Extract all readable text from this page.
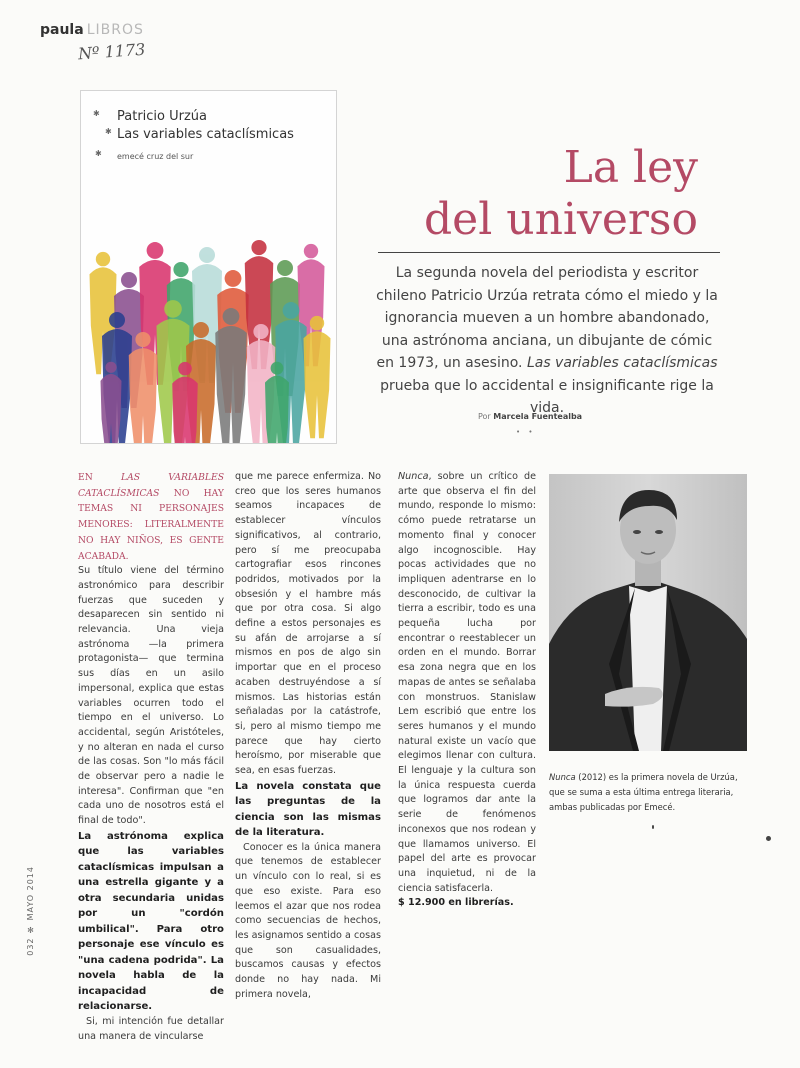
paula LIBROS
Nº 1173
✱
✱
✱
Patricio Urzúa
Las variables cataclísmicas
emecé cruz del sur	La ley
del universo
La segunda novela del periodista y escritor chileno Patricio Urzúa retrata cómo el miedo y la ignorancia mueven a un hombre abandonado, una astrónoma anciana, un dibujante de cómic en 1973, un asesino. Las variables cataclísmicas prueba que lo accidental e insignificante rige la vida.
Por Marcela Fuentealba
• •

EN	LAS VARIABLES CATACLÍSMICAS NO HAY TEMAS NI PERSONAJES MENORES: LITERALMENTE NO HAY NIÑOS, ES GENTE ACABADA.

Su título viene del término astronómico para describir fuerzas que suceden y desaparecen sin sentido ni relevancia. Una vieja astrónoma —la primera protagonista— que termina sus días en un asilo impersonal, explica que estas variables ocurren todo el tiempo en el universo. Lo accidental, según Aristóteles, y no alteran en nada el curso de las cosas. Son "lo más fácil de observar pero a nadie le interesa". Confirman que "en cada uno de nosotros está el final de todo".

La astrónoma explica que las variables cataclísmicas impulsan a una estrella gigante y a otra secundaria unidas por un "cordón umbilical". Para otro personaje ese vínculo es "una cadena podrida". La novela habla de la incapacidad de relacionarse.

Si, mi intención fue detallar una manera de vincularse

que me parece enfermiza. No creo que los seres humanos seamos incapaces de establecer vínculos significativos, al contrario, pero sí me preocupaba cartografiar esos rincones podridos, motivados por la obsesión y el hambre más que por otra cosa. Si algo define a estos personajes es su afán de arrojarse a sí mismos en pos de algo sin importar que en el proceso acaben destruyéndose a sí mismos. Las historias están señaladas por la catástrofe, si, pero al mismo tiempo me parece que hay cierto heroísmo, por miserable que sea, en esas fuerzas.

La novela constata que las preguntas de la ciencia son las mismas de la literatura.

Conocer es la única manera que tenemos de establecer un vínculo con lo real, si es que eso existe. Para eso leemos el azar que nos rodea como secuencias de hechos, les asignamos sentido a cosas que son casualidades, buscamos causas y efectos donde no hay nada. Mi primera novela,

Nunca, sobre un crítico de arte que observa el fin del mundo, responde lo mismo: cómo puede retratarse un momento final y conocer algo incognoscible. Hay pocas actividades que no impliquen adentrarse en lo desconocido, de cultivar la tierra a escribir, todo es una pequeña lucha por encontrar o reestablecer un orden en el mundo. Borrar esa zona negra que en los mapas de antes se señalaba con monstruos. Stanislaw Lem escribió que entre los seres humanos y el mundo natural existe un vacío que elegimos llenar con cultura. El lenguaje y la cultura son la única respuesta cuerda que logramos dar ante la serie de fenómenos inconexos que nos rodean y que llamamos universo. El papel del arte es provocar una inquietud, ni de la ciencia satisfacerla.

$ 12.900 en librerías.

Nunca (2012) es la primera novela de Urzúa, que se suma a esta última entrega literaria, ambas publicadas por Emecé.
032 ✻ MAYO 2014
